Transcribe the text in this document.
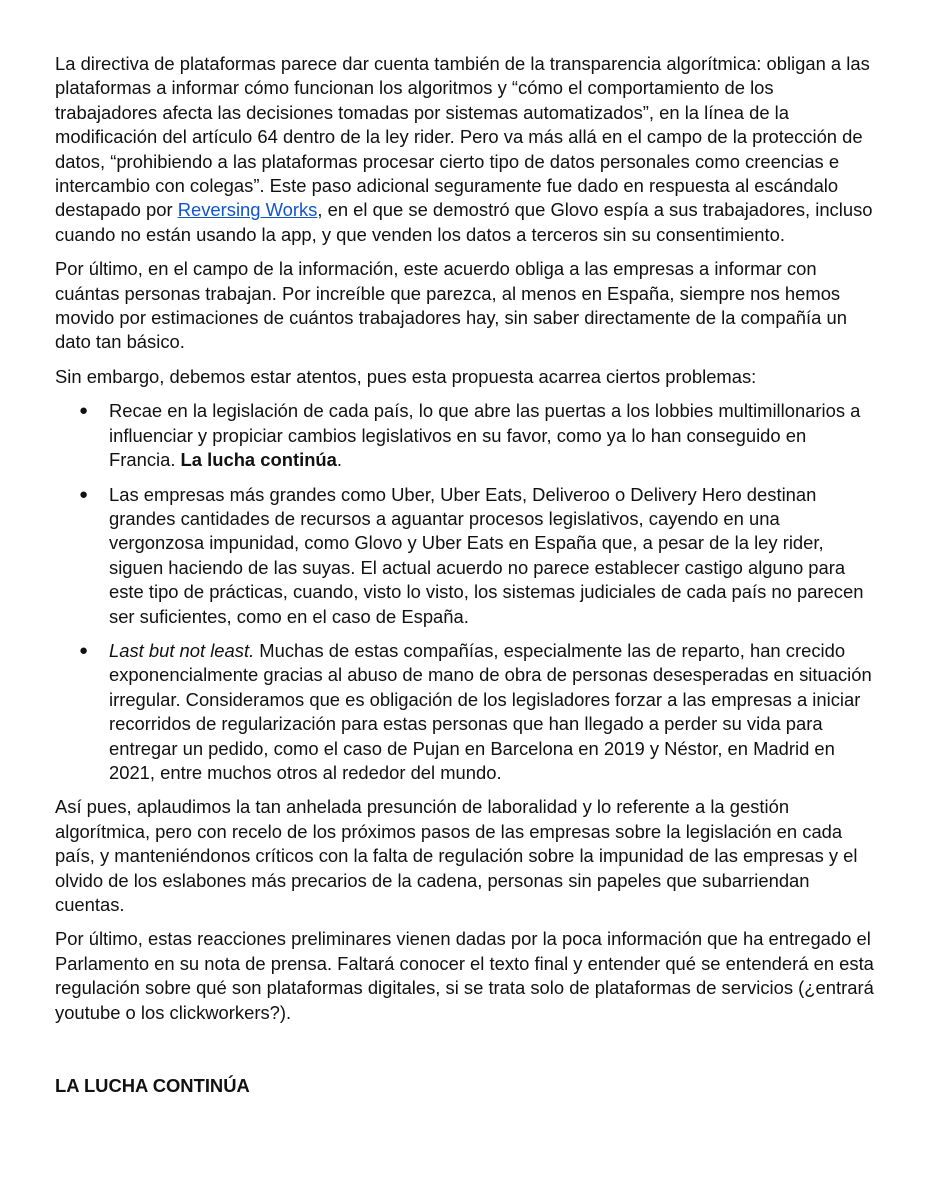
La directiva de plataformas parece dar cuenta también de la transparencia algorítmica: obligan a las plataformas a informar cómo funcionan los algoritmos y “cómo el comportamiento de los trabajadores afecta las decisiones tomadas por sistemas automatizados”, en la línea de la modificación del artículo 64 dentro de la ley rider. Pero va más allá en el campo de la protección de datos, “prohibiendo a las plataformas procesar cierto tipo de datos personales como creencias e intercambio con colegas”. Este paso adicional seguramente fue dado en respuesta al escándalo destapado por Reversing Works, en el que se demostró que Glovo espía a sus trabajadores, incluso cuando no están usando la app, y que venden los datos a terceros sin su consentimiento.

Por último, en el campo de la información, este acuerdo obliga a las empresas a informar con cuántas personas trabajan. Por increíble que parezca, al menos en España, siempre nos hemos movido por estimaciones de cuántos trabajadores hay, sin saber directamente de la compañía un dato tan básico.

Sin embargo, debemos estar atentos, pues esta propuesta acarrea ciertos problemas:

● Recae en la legislación de cada país, lo que abre las puertas a los lobbies multimillonarios a influenciar y propiciar cambios legislativos en su favor, como ya lo han conseguido en Francia. La lucha continúa.
● Las empresas más grandes como Uber, Uber Eats, Deliveroo o Delivery Hero destinan grandes cantidades de recursos a aguantar procesos legislativos, cayendo en una vergonzosa impunidad, como Glovo y Uber Eats en España que, a pesar de la ley rider, siguen haciendo de las suyas. El actual acuerdo no parece establecer castigo alguno para este tipo de prácticas, cuando, visto lo visto, los sistemas judiciales de cada país no parecen ser suficientes, como en el caso de España.
● Last but not least. Muchas de estas compañías, especialmente las de reparto, han crecido exponencialmente gracias al abuso de mano de obra de personas desesperadas en situación irregular. Consideramos que es obligación de los legisladores forzar a las empresas a iniciar recorridos de regularización para estas personas que han llegado a perder su vida para entregar un pedido, como el caso de Pujan en Barcelona en 2019 y Néstor, en Madrid en 2021, entre muchos otros al rededor del mundo.

Así pues, aplaudimos la tan anhelada presunción de laboralidad y lo referente a la gestión algorítmica, pero con recelo de los próximos pasos de las empresas sobre la legislación en cada país, y manteniéndonos críticos con la falta de regulación sobre la impunidad de las empresas y el olvido de los eslabones más precarios de la cadena, personas sin papeles que subarriendan cuentas.

Por último, estas reacciones preliminares vienen dadas por la poca información que ha entregado el Parlamento en su nota de prensa. Faltará conocer el texto final y entender qué se entenderá en esta regulación sobre qué son plataformas digitales, si se trata solo de plataformas de servicios (¿entrará youtube o los clickworkers?).

LA LUCHA CONTINÚA
